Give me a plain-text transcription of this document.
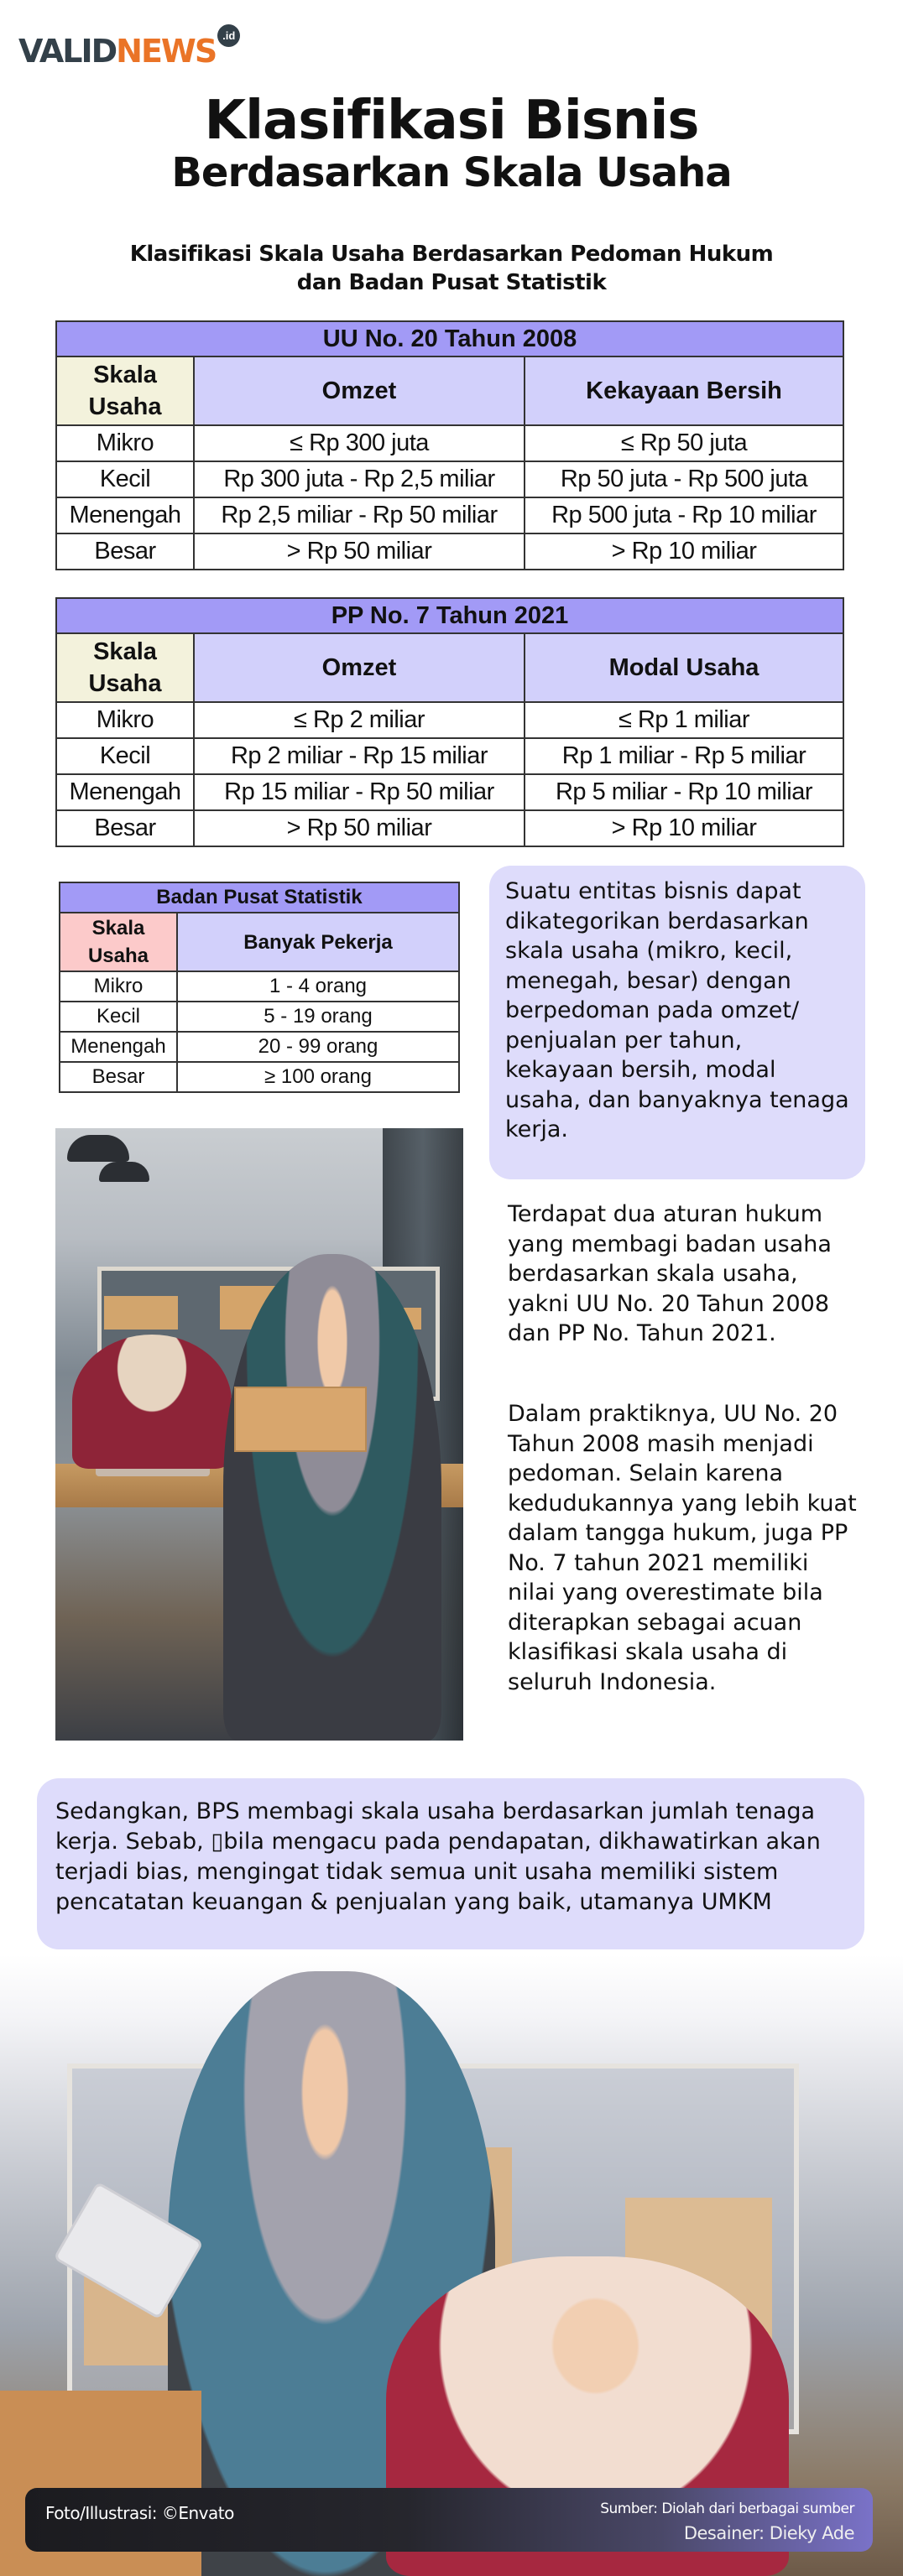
VALID NEWS .id
Klasifikasi Bisnis
Berdasarkan Skala Usaha
Klasifikasi Skala Usaha Berdasarkan Pedoman Hukum
dan Badan Pusat Statistik
UU No. 20 Tahun 2008		
Skala Usaha	Omzet	Kekayaan Bersih
Mikro	≤ Rp 300 juta	≤ Rp 50 juta
Kecil	Rp 300 juta - Rp 2,5 miliar	Rp 50 juta - Rp 500 juta
Menengah	Rp 2,5 miliar - Rp 50 miliar	Rp 500 juta - Rp 10 miliar
Besar	> Rp 50 miliar	> Rp 10 miliar
PP No. 7 Tahun 2021		
Skala Usaha	Omzet	Modal Usaha
Mikro	≤ Rp 2 miliar	≤ Rp 1 miliar
Kecil	Rp 2 miliar - Rp 15 miliar	Rp 1 miliar - Rp 5 miliar
Menengah	Rp 15 miliar - Rp 50 miliar	Rp 5 miliar - Rp 10 miliar
Besar	> Rp 50 miliar	> Rp 10 miliar
Badan Pusat Statistik	
Skala Usaha	Banyak Pekerja
Mikro	1 - 4 orang
Kecil	5 - 19 orang
Menengah	20 - 99 orang
Besar	≥ 100 orang
Suatu entitas bisnis dapat dikategorikan berdasarkan skala usaha (mikro, kecil, menegah, besar) dengan berpedoman pada omzet/ penjualan per tahun, kekayaan bersih, modal usaha, dan banyaknya tenaga kerja.
Terdapat dua aturan hukum yang membagi badan usaha berdasarkan skala usaha, yakni UU No. 20 Tahun 2008 dan PP No. Tahun 2021.
Dalam praktiknya, UU No. 20 Tahun 2008 masih menjadi pedoman. Selain karena kedudukannya yang lebih kuat dalam tangga hukum, juga PP No. 7 tahun 2021 memiliki nilai yang overestimate bila diterapkan sebagai acuan klasifikasi skala usaha di seluruh Indonesia.
Sedangkan, BPS membagi skala usaha berdasarkan jumlah tenaga kerja. Sebab, ▯bila mengacu pada pendapatan, dikhawatirkan akan terjadi bias, mengingat tidak semua unit usaha memiliki sistem pencatatan keuangan & penjualan yang baik, utamanya UMKM
Foto/Illustrasi: ©Envato	Sumber: Diolah dari berbagai sumber
Desainer: Dieky Ade
